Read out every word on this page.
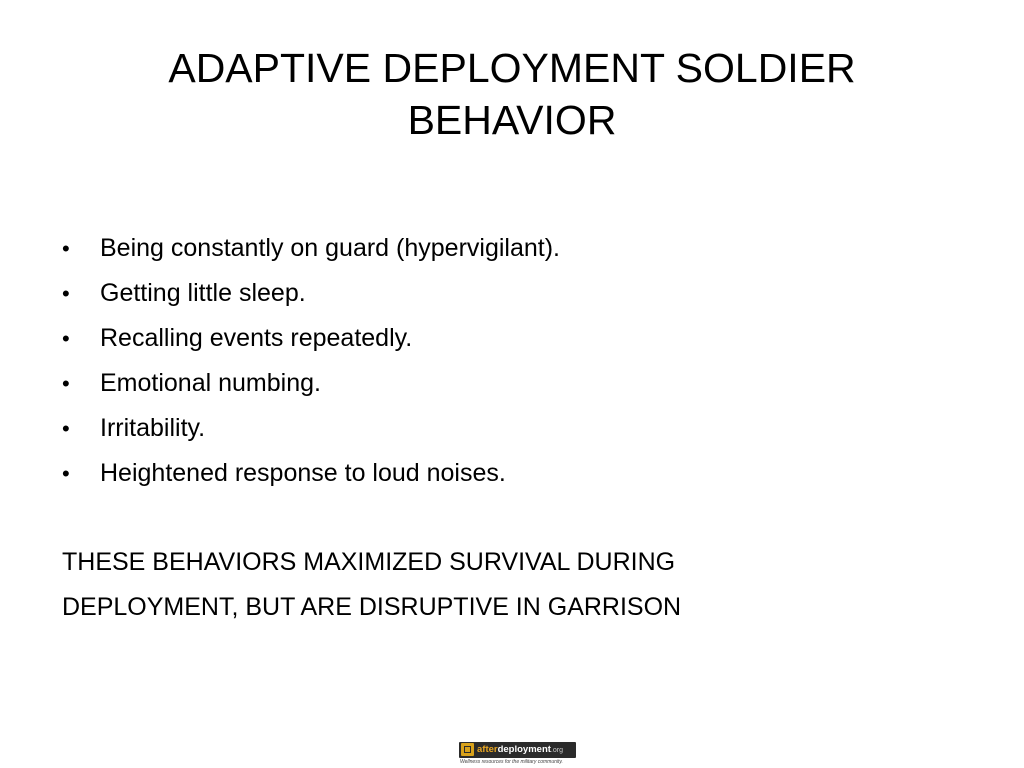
ADAPTIVE DEPLOYMENT SOLDIER
BEHAVIOR
•	Being constantly on guard (hypervigilant).
•	Getting little sleep.
•	Recalling events repeatedly.
•	Emotional numbing.
•	Irritability.
•	Heightened response to loud noises.

THESE BEHAVIORS MAXIMIZED SURVIVAL DURING
DEPLOYMENT, BUT ARE DISRUPTIVE IN GARRISON

afterdeployment.org
Wellness resources for the military community.
